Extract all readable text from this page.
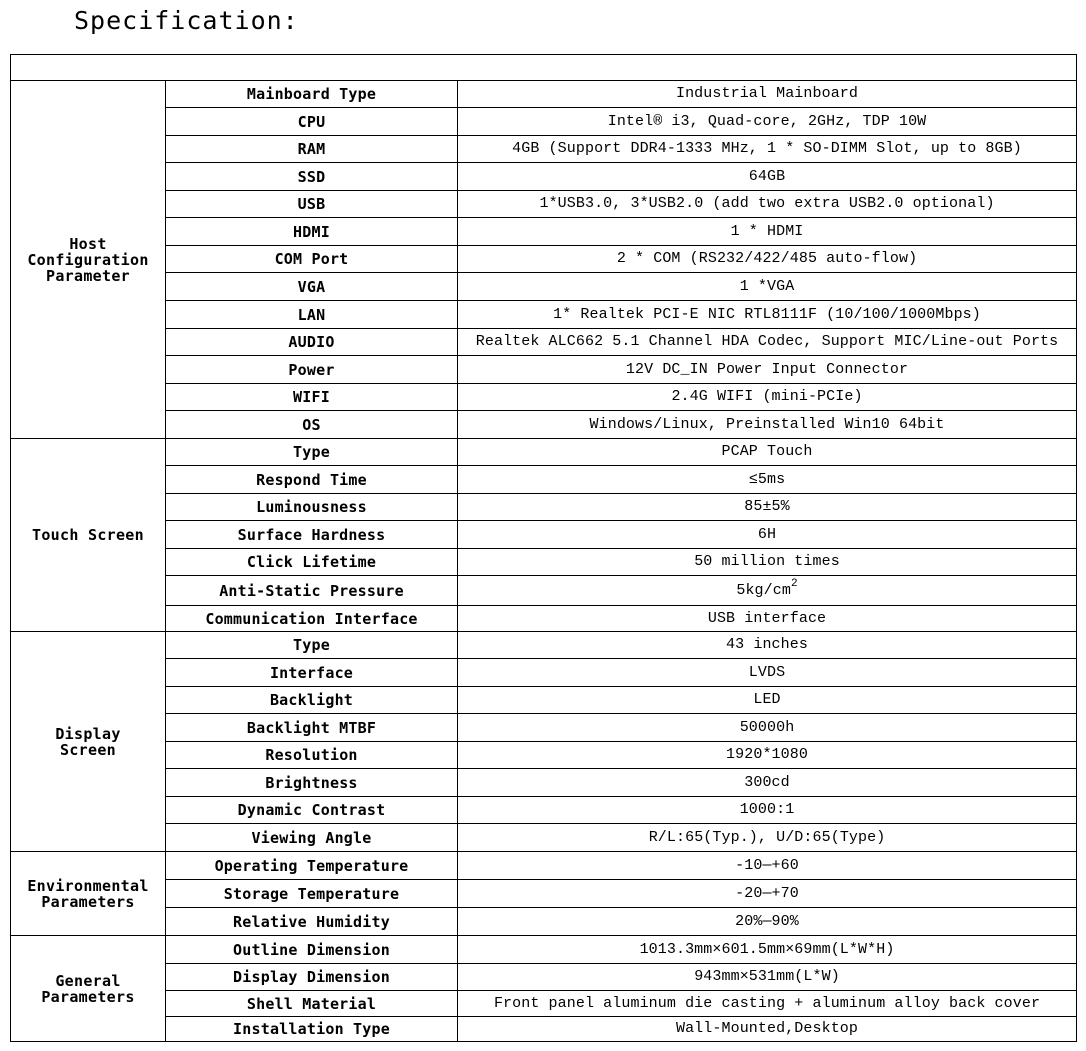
Specification:

Host
Configuration
Parameter	Mainboard Type	Industrial Mainboard
	CPU	Intel® i3, Quad-core, 2GHz, TDP 10W
	RAM	4GB (Support DDR4-1333 MHz, 1 * SO-DIMM Slot, up to 8GB)
	SSD	64GB
	USB	1*USB3.0, 3*USB2.0 (add two extra USB2.0 optional)
	HDMI	1 * HDMI
	COM Port	2 * COM (RS232/422/485 auto-flow)
	VGA	1 *VGA
	LAN	1* Realtek PCI-E NIC RTL8111F (10/100/1000Mbps)
	AUDIO	Realtek ALC662 5.1 Channel HDA Codec, Support MIC/Line-out Ports
	Power	12V DC_IN Power Input Connector
	WIFI	2.4G WIFI (mini-PCIe)
	OS	Windows/Linux, Preinstalled Win10 64bit

Touch Screen	Type	PCAP Touch
	Respond Time	≤5ms
	Luminousness	85±5%
	Surface Hardness	6H
	Click Lifetime	50 million times
	Anti-Static Pressure	$5kg/cm^2$
	Communication Interface	USB interface

Display
Screen	Type	43 inches
	Interface	LVDS
	Backlight	LED
	Backlight MTBF	50000h
	Resolution	1920*1080
	Brightness	300cd
	Dynamic Contrast	1000:1
	Viewing Angle	R/L:65(Typ.), U/D:65(Type)

Environmental
Parameters	Operating Temperature	-10—+60
	Storage Temperature	-20—+70
	Relative Humidity	20%—90%

General
Parameters	Outline Dimension	1013.3mm×601.5mm×69mm(L*W*H)
	Display Dimension	943mm×531mm(L*W)
	Shell Material	Front panel aluminum die casting + aluminum alloy back cover
	Installation Type	Wall-Mounted,Desktop
